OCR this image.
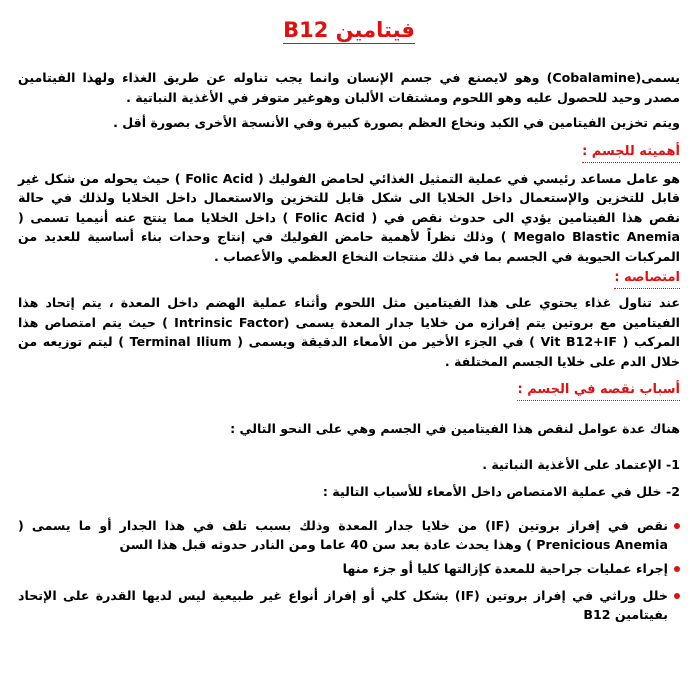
فيتامين B12

يسمى(Cobalamine) وهو لايصنع في جسم الإنسان وانما يجب تناوله عن طريق الغذاء ولهذا الفيتامين مصدر وحيد للحصول عليه وهو اللحوم ومشتقات الألبان وهوغير متوفر في الأغذية النباتية .

ويتم تخزين الفيتامين في الكبد ونخاع العظم بصورة كبيرة وفي الأنسجة الأخرى بصورة أقل .

أهميته للجسم :

هو عامل مساعد رئيسي في عملية التمثيل الغذائي لحامض الفوليك ( Folic Acid ) حيث يحوله من شكل غير قابل للتخزين والإستعمال داخل الخلايا الى شكل قابل للتخزين والاستعمال داخل الخلايا ولذلك في حالة نقص هذا الفيتامين يؤدي الى حدوث نقص في ( Folic Acid ) داخل الخلايا مما ينتج عنه أنيميا تسمى ( Megalo Blastic Anemia ) وذلك نظراً لأهمية حامض الفوليك في إنتاج وحدات بناء أساسية للعديد من المركبات الحيوية في الجسم بما في ذلك منتجات النخاع العظمي والأعصاب .

امتصاصه :

عند تناول غذاء يحتوي على هذا الفيتامين مثل اللحوم وأثناء عملية الهضم داخل المعدة ، يتم إتحاد هذا الفيتامين مع بروتين يتم إفرازه من خلايا جدار المعدة يسمى (Intrinsic Factor ) حيث يتم امتصاص هذا المركب ( Vit B12+IF ) في الجزء الأخير من الأمعاء الدقيقة ويسمى ( Terminal Ilium ) ليتم توزيعه من خلال الدم على خلايا الجسم المختلفة .

أسباب نقصه في الجسم :

هناك عدة عوامل لنقص هذا الفيتامين في الجسم وهي على النحو التالي :

1- الإعتماد على الأغذية النباتية .

2- خلل في عملية الامتصاص داخل الأمعاء للأسباب التالية :

نقص في إفراز بروتين (IF) من خلايا جدار المعدة وذلك بسبب تلف في هذا الجدار أو ما يسمى ( Prenicious Anemia ) وهذا يحدث عادة بعد سن 40 عاما ومن النادر حدوثه قبل هذا السن
إجراء عمليات جراحية للمعدة كإزالتها كليا أو جزء منها
خلل وراثي في إفراز بروتين (IF) بشكل كلي أو إفراز أنواع غير طبيعية ليس لديها القدرة على الإتحاد بفيتامين B12
